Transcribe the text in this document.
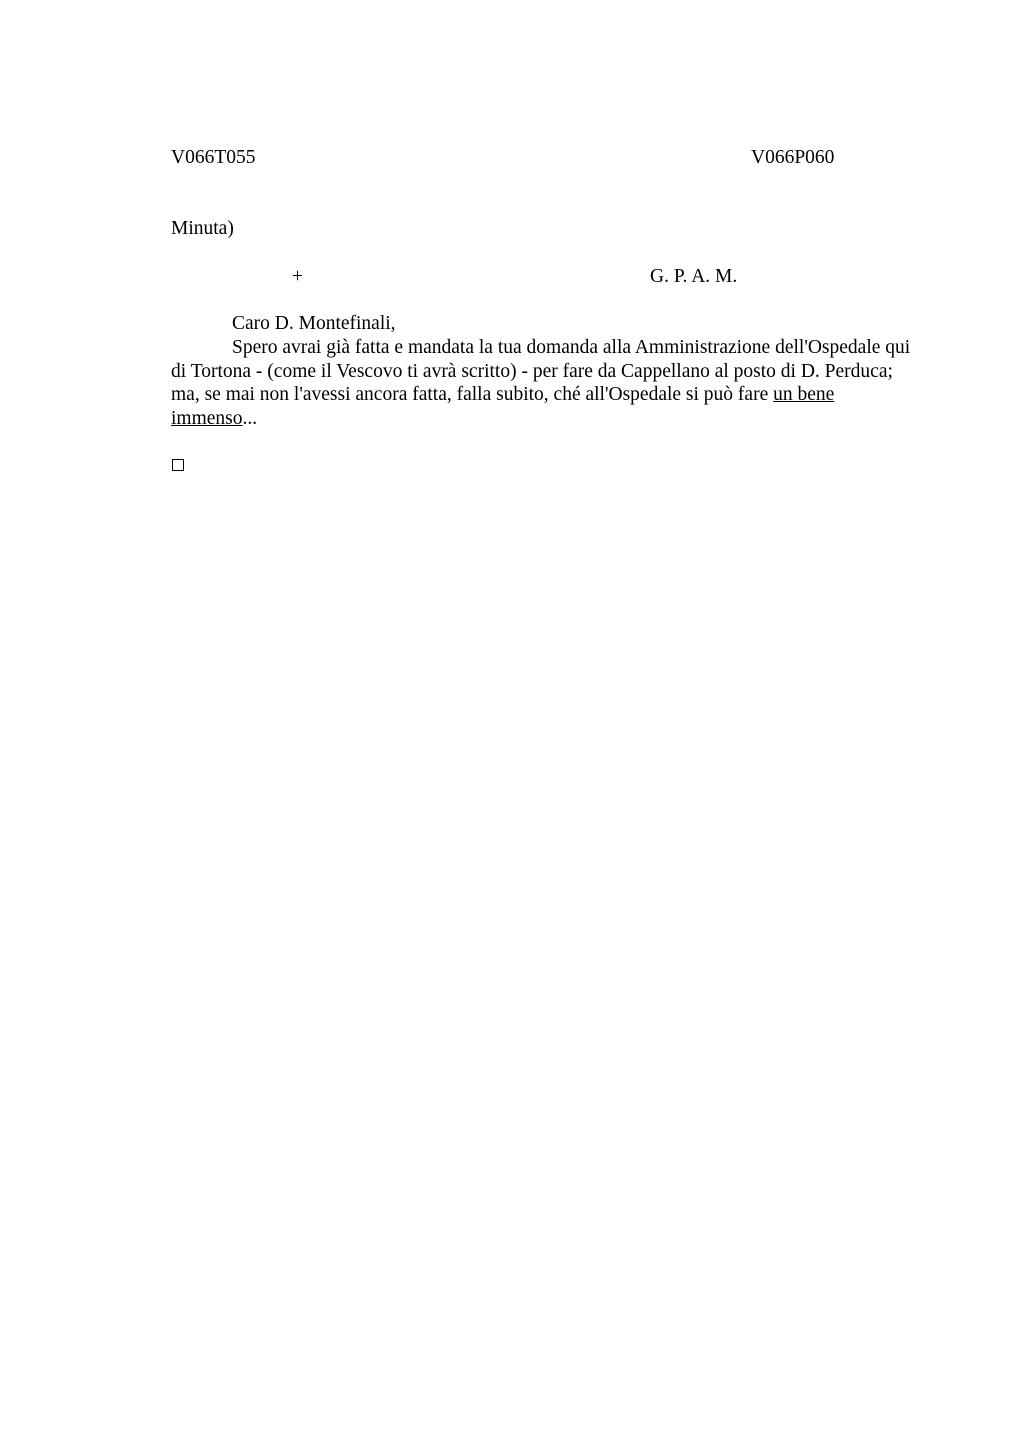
V066T055	V066P060
Minuta)
+	G. P. A. M.
Caro D. Montefinali,
Spero avrai già fatta e mandata la tua domanda alla Amministrazione dell'Ospedale qui di Tortona - (come il Vescovo ti avrà scritto) - per fare da Cappellano al posto di D. Perduca; ma, se mai non l'avessi ancora fatta, falla subito, ché all'Ospedale si può fare un bene immenso...
